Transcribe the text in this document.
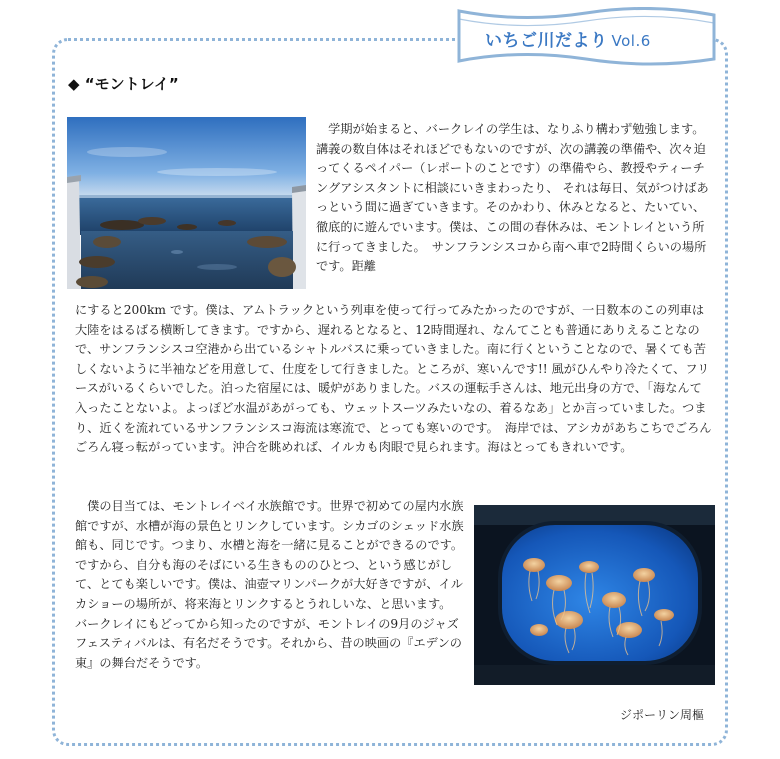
いちご川だより Vol.6
◆ “モントレイ”

　学期が始まると、バークレイの学生は、なりふり構わず勉強します。講義の数自体はそれほどでもないのですが、次の講義の準備や、次々迫ってくるペイパー（レポートのことです）の準備やら、教授やティーチングアシスタントに相談にいきまわったり、 それは毎日、気がつけばあっという間に過ぎていきます。そのかわり、休みとなると、たいてい、徹底的に遊んでいます。僕は、この間の春休みは、モントレイという所に行ってきました。　サンフランシスコから南へ車で2時間くらいの場所です。距離

にすると200km です。僕は、アムトラックという列車を使って行ってみたかったのですが、一日数本のこの列車は大陸をはるばる横断してきます。ですから、遅れるとなると、12時間遅れ、なんてことも普通にありえることなので、サンフランシスコ空港から出ているシャトルバスに乗っていきました。南に行くということなので、暑くても苦しくないように半袖などを用意して、仕度をして行きました。ところが、寒いんです!! 風がひんやり冷たくて、フリースがいるくらいでした。泊った宿屋には、暖炉がありました。バスの運転手さんは、地元出身の方で、「海なんて入ったことないよ。よっぽど水温があがっても、ウェットスーツみたいなの、着るなあ」とか言っていました。つまり、近くを流れているサンフランシスコ海流は寒流で、とっても寒いのです。　海岸では、アシカがあちこちでごろんごろん寝っ転がっています。沖合を眺めれば、イルカも肉眼で見られます。海はとってもきれいです。

　僕の目当ては、モントレイベイ水族館です。世界で初めての屋内水族館ですが、水槽が海の景色とリンクしています。シカゴのシェッド水族館も、同じです。つまり、水槽と海を一緒に見ることができるのです。ですから、自分も海のそばにいる生きもののひとつ、という感じがして、とても楽しいです。僕は、油壺マリンパークが大好きですが、イルカショーの場所が、将来海とリンクするとうれしいな、と思います。　バークレイにもどってから知ったのですが、モントレイの9月のジャズフェスティバルは、有名だそうです。それから、昔の映画の『エデンの東』の舞台だそうです。

ジポーリン周樞
